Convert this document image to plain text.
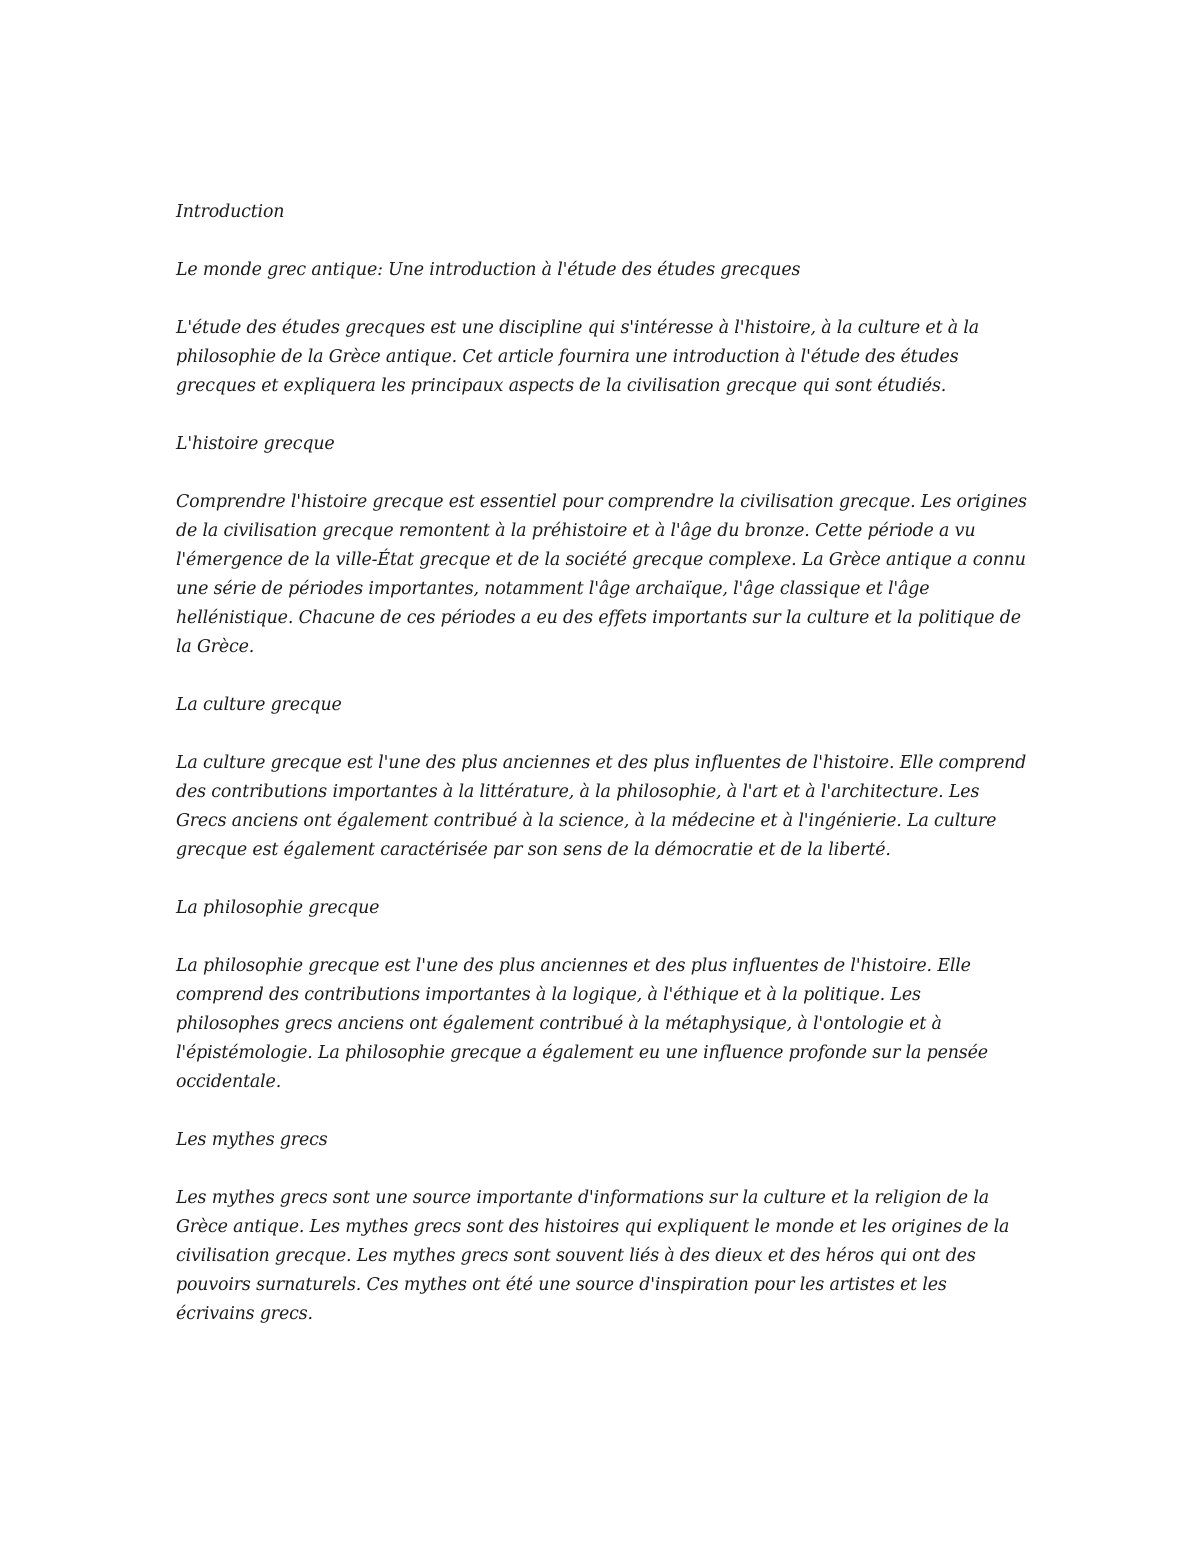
Introduction

Le monde grec antique: Une introduction à l'étude des études grecques

L'étude des études grecques est une discipline qui s'intéresse à l'histoire, à la culture et à la philosophie de la Grèce antique. Cet article fournira une introduction à l'étude des études grecques et expliquera les principaux aspects de la civilisation grecque qui sont étudiés.

L'histoire grecque

Comprendre l'histoire grecque est essentiel pour comprendre la civilisation grecque. Les origines de la civilisation grecque remontent à la préhistoire et à l'âge du bronze. Cette période a vu l'émergence de la ville-État grecque et de la société grecque complexe. La Grèce antique a connu une série de périodes importantes, notamment l'âge archaïque, l'âge classique et l'âge hellénistique. Chacune de ces périodes a eu des effets importants sur la culture et la politique de la Grèce.

La culture grecque

La culture grecque est l'une des plus anciennes et des plus influentes de l'histoire. Elle comprend des contributions importantes à la littérature, à la philosophie, à l'art et à l'architecture. Les Grecs anciens ont également contribué à la science, à la médecine et à l'ingénierie. La culture grecque est également caractérisée par son sens de la démocratie et de la liberté.

La philosophie grecque

La philosophie grecque est l'une des plus anciennes et des plus influentes de l'histoire. Elle comprend des contributions importantes à la logique, à l'éthique et à la politique. Les philosophes grecs anciens ont également contribué à la métaphysique, à l'ontologie et à l'épistémologie. La philosophie grecque a également eu une influence profonde sur la pensée occidentale.

Les mythes grecs

Les mythes grecs sont une source importante d'informations sur la culture et la religion de la Grèce antique. Les mythes grecs sont des histoires qui expliquent le monde et les origines de la civilisation grecque. Les mythes grecs sont souvent liés à des dieux et des héros qui ont des pouvoirs surnaturels. Ces mythes ont été une source d'inspiration pour les artistes et les écrivains grecs.
